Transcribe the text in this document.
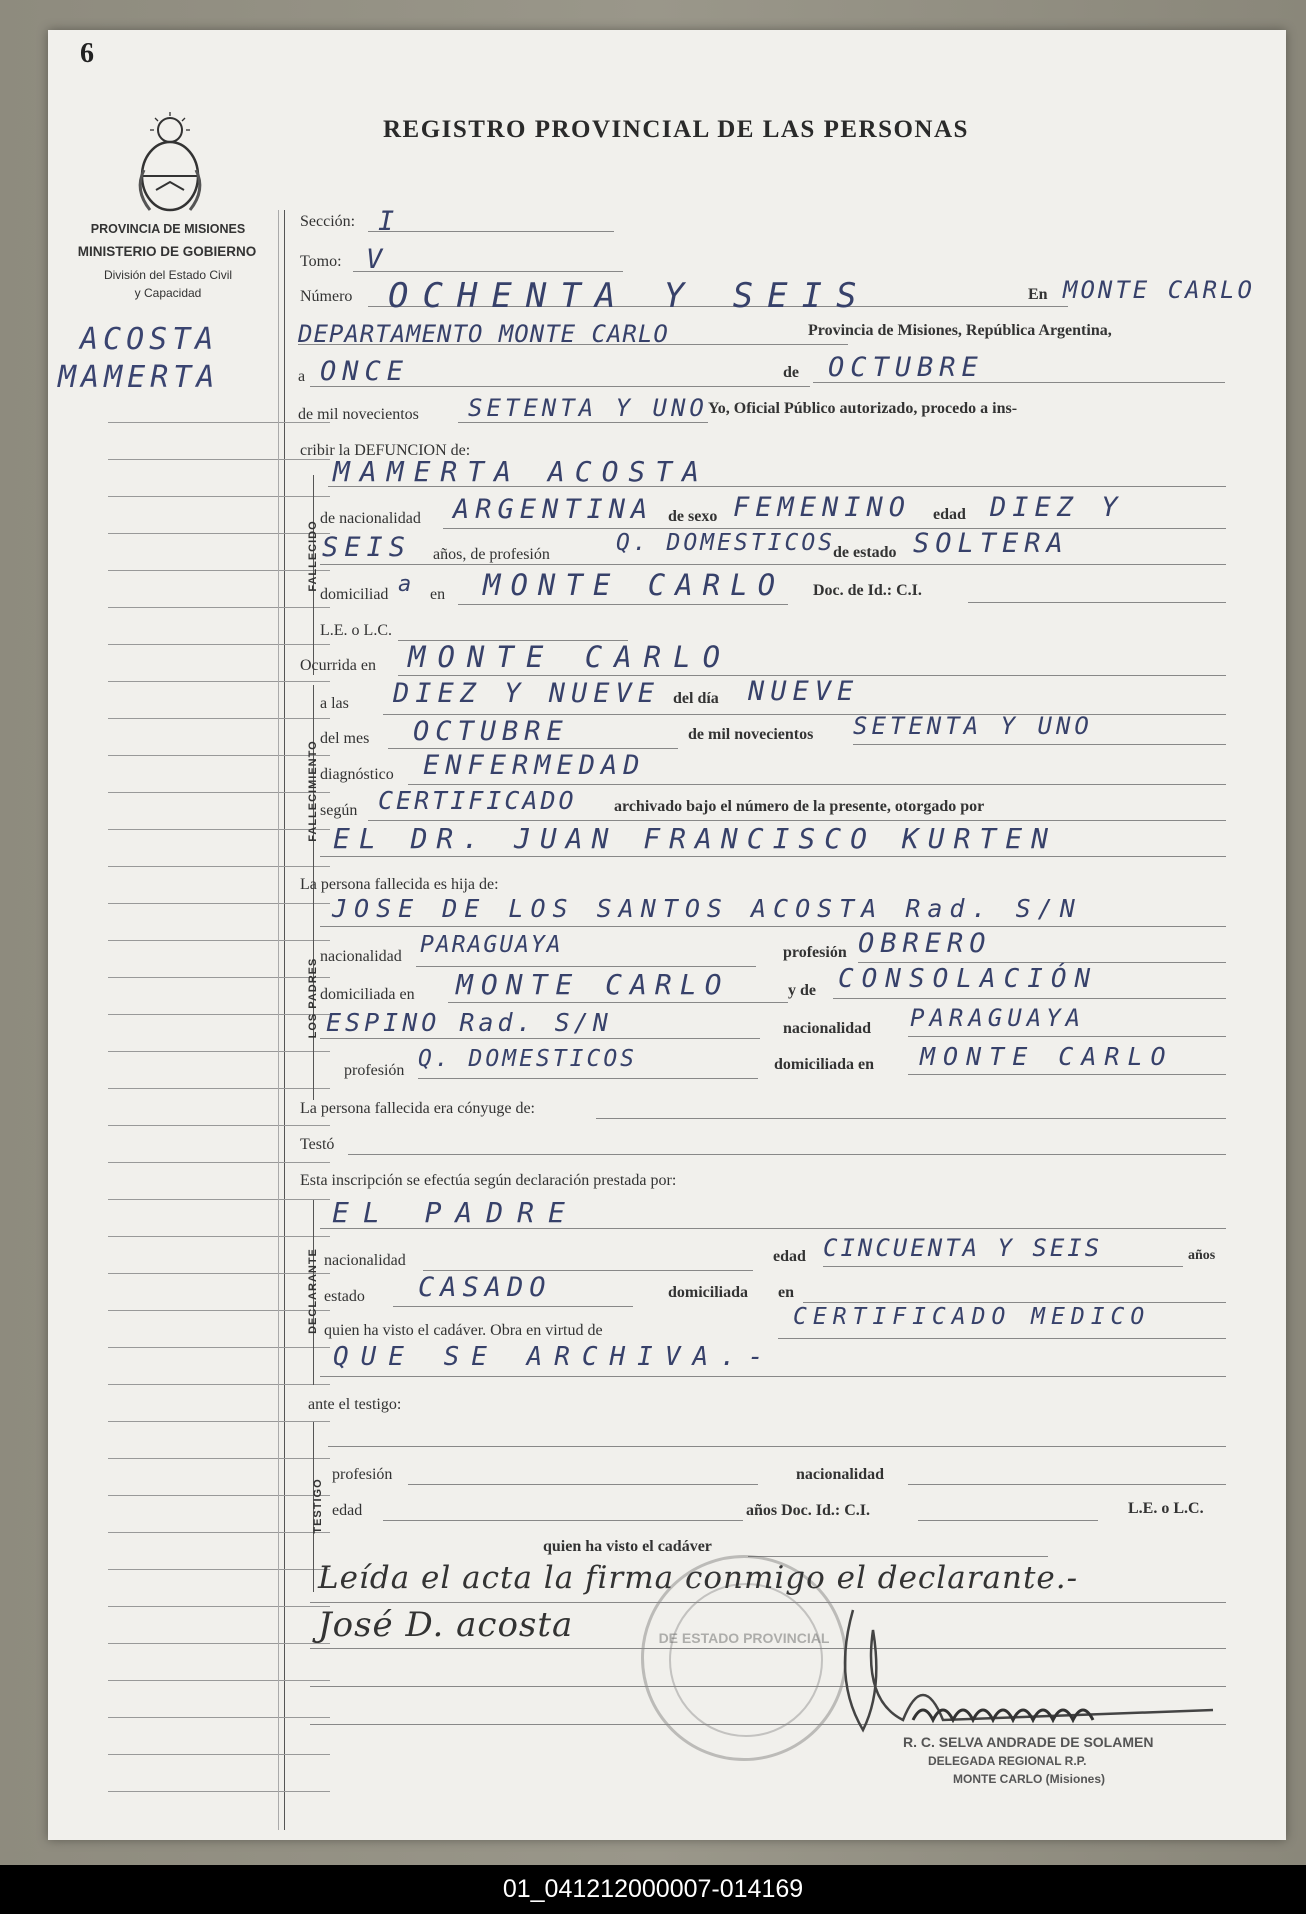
6
PROVINCIA DE MISIONES
MINISTERIO DE GOBIERNO
División del Estado Civil
y Capacidad
REGISTRO PROVINCIAL DE LAS PERSONAS
ACOSTA
MAMERTA
Sección: I
Tomo: V
Número OCHENTA Y SEIS	En MONTE CARLO
DEPARTAMENTO MONTE CARLO	Provincia de Misiones, República Argentina,
a ONCE	de OCTUBRE
de mil novecientos SETENTA Y UNO Yo, Oficial Público autorizado, procedo a ins-
cribir la DEFUNCION de:
FALLECIDO
MAMERTA ACOSTA
de nacionalidad ARGENTINA de sexo FEMENINO edad DIEZ Y
SEIS años, de profesión	Q. DOMESTICOS
de estado SOLTERA
domiciliad a en MONTE CARLO Doc. de Id.: C.I.
L.E. o L.C.
Ocurrida en MONTE CARLO
FALLECIMIENTO
a las DIEZ Y NUEVE del día NUEVE
del mes OCTUBRE	de mil novecientos SETENTA Y UNO
diagnóstico ENFERMEDAD
según CERTIFICADO archivado bajo el número de la presente, otorgado por
EL DR. JUAN FRANCISCO KURTEN
La persona fallecida es hija de:
LOS PADRES
JOSE DE LOS SANTOS ACOSTA Rad. S/N
nacionalidad PARAGUAYA	profesión OBRERO
domiciliada en MONTE CARLO	y de CONSOLACIÓN
ESPINO Rad. S/N	nacionalidad PARAGUAYA
profesión Q. DOMESTICOS	domiciliada en MONTE CARLO
La persona fallecida era cónyuge de:
Testó
Esta inscripción se efectúa según declaración prestada por:
DECLARANTE
EL PADRE
nacionalidad	edad CINCUENTA Y SEIS	años
estado CASADO	domiciliada en
quien ha visto el cadáver. Obra en virtud de
CERTIFICADO MEDICO
QUE SE ARCHIVA.-
ante el testigo:
TESTIGO
profesión	nacionalidad
edad	años Doc. Id.: C.I.	L.E. o L.C.
quien ha visto el cadáver
DE ESTADO PROVINCIAL
Leída el acta la firma conmigo el declarante.-
José D. acosta
R. C. SELVA ANDRADE DE SOLAMEN
DELEGADA REGIONAL R.P.
MONTE CARLO (Misiones)
01_041212000007-014169
